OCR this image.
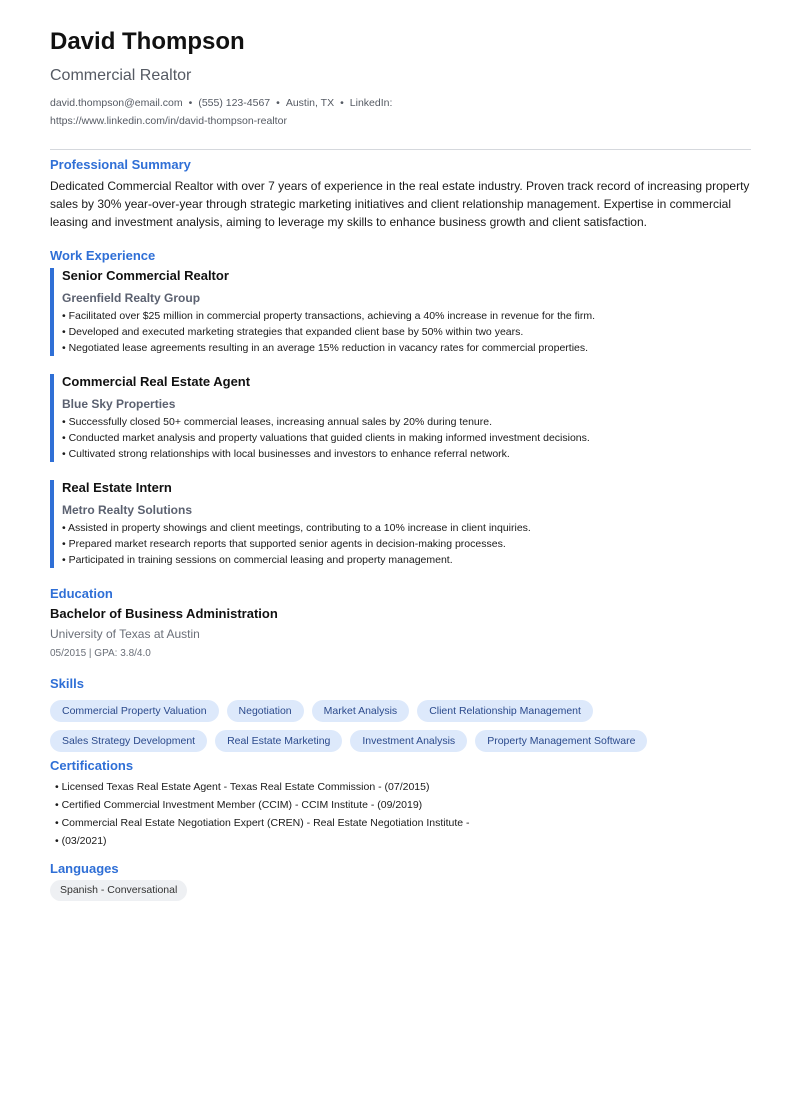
David Thompson
Commercial Realtor
david.thompson@email.com • (555) 123-4567 • Austin, TX • LinkedIn:
https://www.linkedin.com/in/david-thompson-realtor
Professional Summary
Dedicated Commercial Realtor with over 7 years of experience in the real estate industry. Proven track record of increasing property sales by 30% year-over-year through strategic marketing initiatives and client relationship management. Expertise in commercial leasing and investment analysis, aiming to leverage my skills to enhance business growth and client satisfaction.
Work Experience
Senior Commercial Realtor
Greenfield Realty Group
• Facilitated over $25 million in commercial property transactions, achieving a 40% increase in revenue for the firm.
• Developed and executed marketing strategies that expanded client base by 50% within two years.
• Negotiated lease agreements resulting in an average 15% reduction in vacancy rates for commercial properties.
Commercial Real Estate Agent
Blue Sky Properties
• Successfully closed 50+ commercial leases, increasing annual sales by 20% during tenure.
• Conducted market analysis and property valuations that guided clients in making informed investment decisions.
• Cultivated strong relationships with local businesses and investors to enhance referral network.
Real Estate Intern
Metro Realty Solutions
• Assisted in property showings and client meetings, contributing to a 10% increase in client inquiries.
• Prepared market research reports that supported senior agents in decision-making processes.
• Participated in training sessions on commercial leasing and property management.
Education
Bachelor of Business Administration
University of Texas at Austin
05/2015 | GPA: 3.8/4.0
Skills
Commercial Property Valuation	Negotiation	Market Analysis	Client Relationship Management
Sales Strategy Development	Real Estate Marketing	Investment Analysis	Property Management Software
Certifications
• Licensed Texas Real Estate Agent - Texas Real Estate Commission - (07/2015)
• Certified Commercial Investment Member (CCIM) - CCIM Institute - (09/2019)
• Commercial Real Estate Negotiation Expert (CREN) - Real Estate Negotiation Institute -
• (03/2021)
Languages
Spanish - Conversational
